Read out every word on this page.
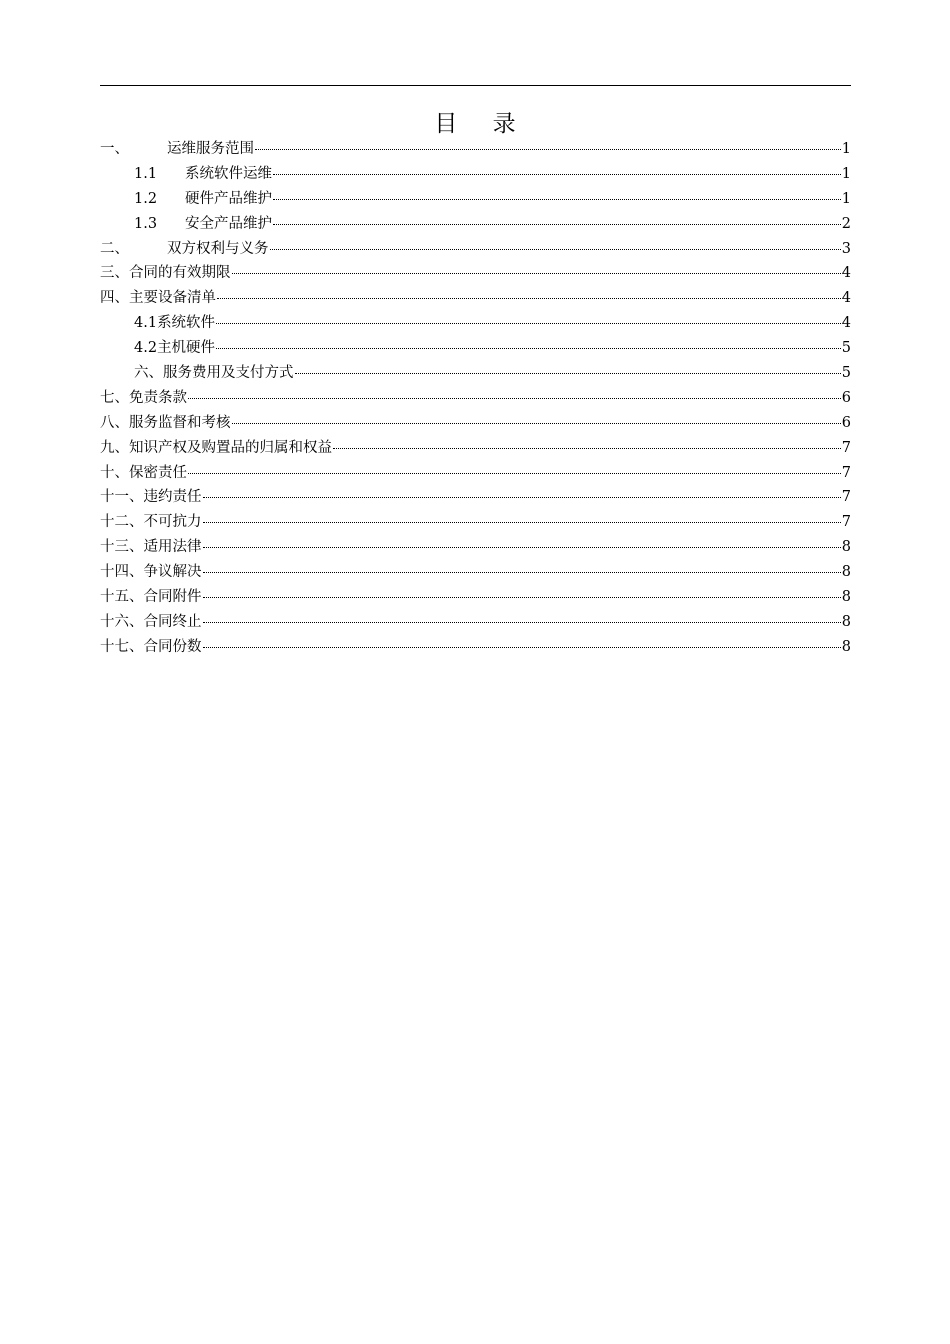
目 录
一、	运维服务范围	1
1.1	系统软件运维	1
1.2	硬件产品维护	1
1.3	安全产品维护	2
二、	双方权利与义务	3
三、 合同的有效期限	4
四、 主要设备清单	4
4.1 系统软件	4
4.2 主机硬件	5
六、 服务费用及支付方式	5
七、 免责条款	6
八、 服务监督和考核	6
九、 知识产权及购置品的归属和权益	7
十、 保密责任	7
十一、 违约责任	7
十二、 不可抗力	7
十三、 适用法律	8
十四、 争议解决	8
十五、 合同附件	8
十六、 合同终止	8
十七、 合同份数	8
